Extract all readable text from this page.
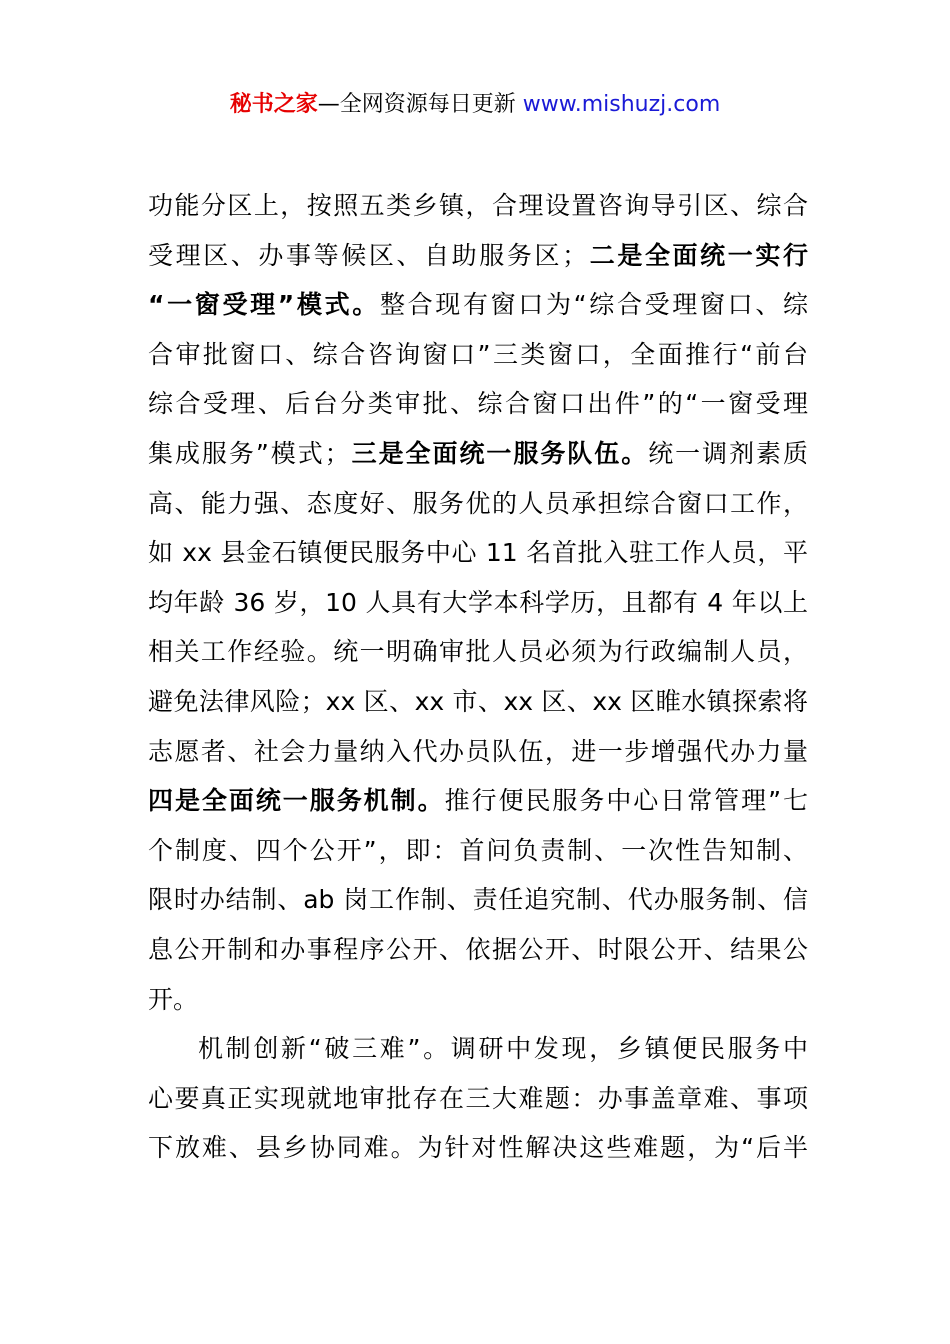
秘书之家—全网资源每日更新 www.mishuzj.com
功能分区上，按照五类乡镇，合理设置咨询导引区、综合
受理区、办事等候区、自助服务区；二是全面统一实行
“一窗受理”模式。整合现有窗口为“综合受理窗口、综
合审批窗口、综合咨询窗口”三类窗口，全面推行“前台
综合受理、后台分类审批、综合窗口出件”的“一窗受理
集成服务”模式；三是全面统一服务队伍。统一调剂素质
高、能力强、态度好、服务优的人员承担综合窗口工作，
如 xx 县金石镇便民服务中心 11 名首批入驻工作人员，平
均年龄 36 岁，10 人具有大学本科学历，且都有 4 年以上
相关工作经验。统一明确审批人员必须为行政编制人员，
避免法律风险；xx 区、xx 市、xx 区、xx 区睢水镇探索将
志愿者、社会力量纳入代办员队伍，进一步增强代办力量
四是全面统一服务机制。推行便民服务中心日常管理”七
个制度、四个公开”，即：首问负责制、一次性告知制、
限时办结制、ab 岗工作制、责任追究制、代办服务制、信
息公开制和办事程序公开、依据公开、时限公开、结果公
开。
机制创新“破三难”。调研中发现，乡镇便民服务中
心要真正实现就地审批存在三大难题：办事盖章难、事项
下放难、县乡协同难。为针对性解决这些难题，为“后半
